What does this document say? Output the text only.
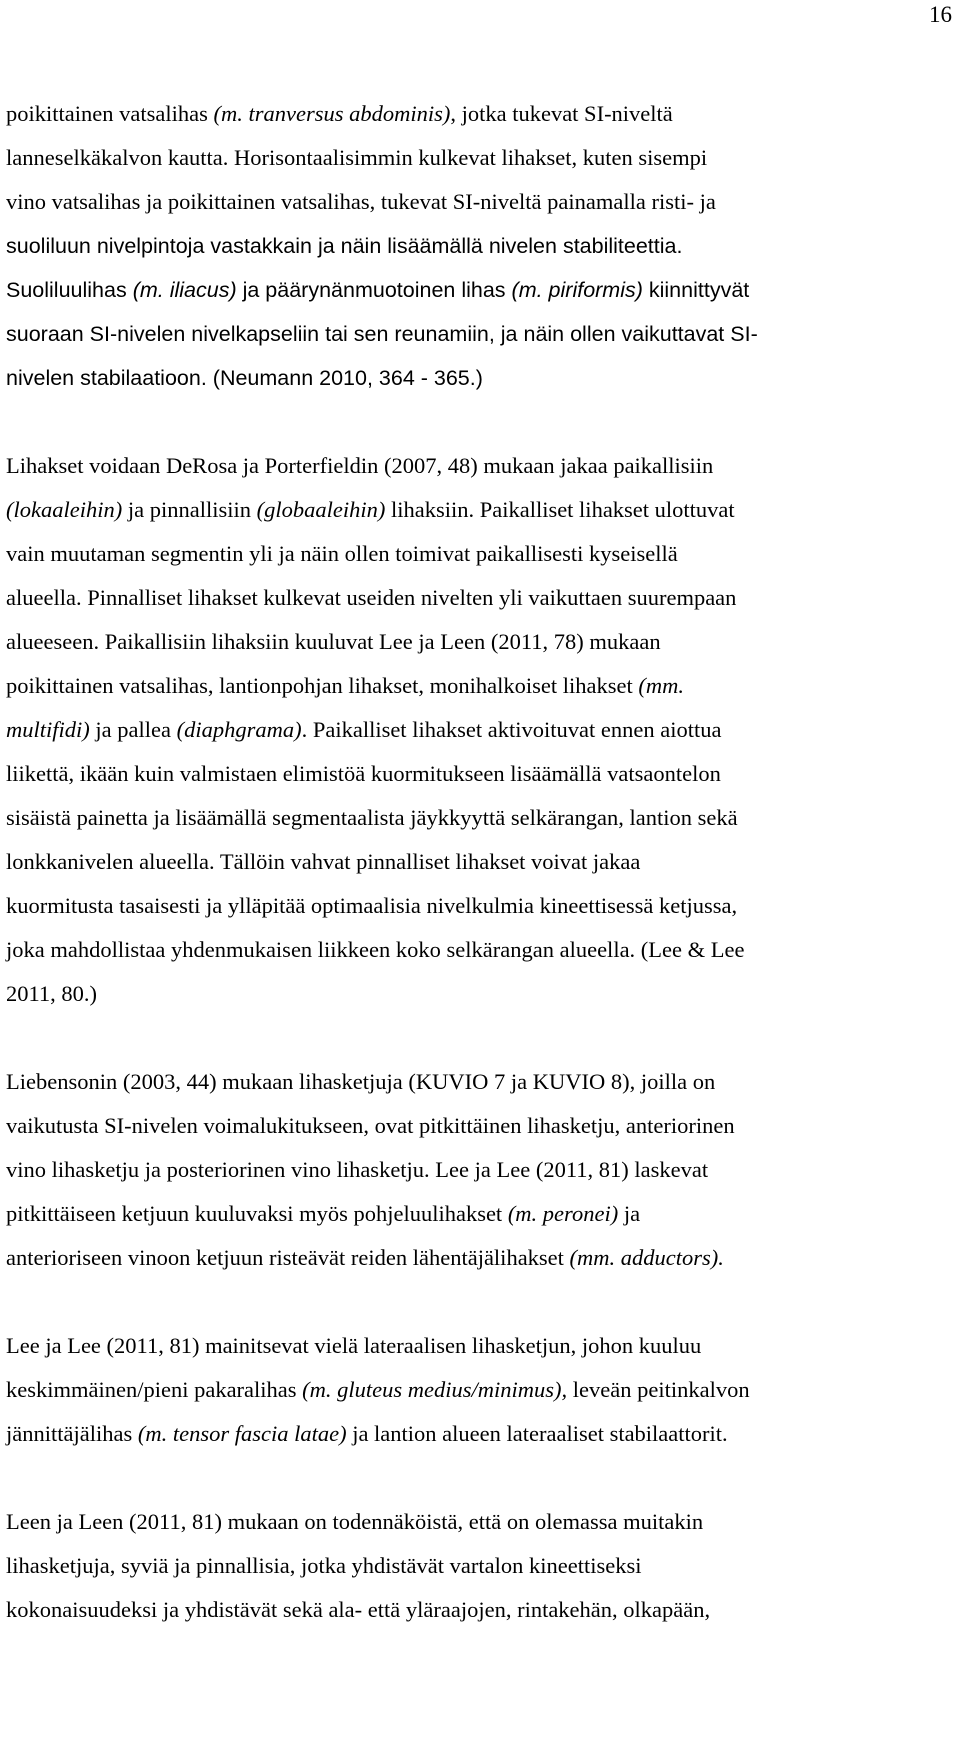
16
poikittainen vatsalihas (m. tranversus abdominis), jotka tukevat SI-niveltä
lanneselkäkalvon kautta. Horisontaalisimmin kulkevat lihakset, kuten sisempi
vino vatsalihas ja poikittainen vatsalihas, tukevat SI-niveltä painamalla risti- ja
suoliluun nivelpintoja vastakkain ja näin lisäämällä nivelen stabiliteettia.
Suoliluulihas (m. iliacus) ja päärynänmuotoinen lihas (m. piriformis) kiinnittyvät
suoraan SI-nivelen nivelkapseliin tai sen reunamiin, ja näin ollen vaikuttavat SI-
nivelen stabilaatioon. (Neumann 2010, 364 - 365.)
Lihakset voidaan DeRosa ja Porterfieldin (2007, 48) mukaan jakaa paikallisiin
(lokaaleihin) ja pinnallisiin (globaaleihin) lihaksiin. Paikalliset lihakset ulottuvat
vain muutaman segmentin yli ja näin ollen toimivat paikallisesti kyseisellä
alueella. Pinnalliset lihakset kulkevat useiden nivelten yli vaikuttaen suurempaan
alueeseen. Paikallisiin lihaksiin kuuluvat Lee ja Leen (2011, 78) mukaan
poikittainen vatsalihas, lantionpohjan lihakset, monihalkoiset lihakset (mm.
multifidi) ja pallea (diaphgrama). Paikalliset lihakset aktivoituvat ennen aiottua
liikettä, ikään kuin valmistaen elimistöä kuormitukseen lisäämällä vatsaontelon
sisäistä painetta ja lisäämällä segmentaalista jäykkyyttä selkärangan, lantion sekä
lonkkanivelen alueella. Tällöin vahvat pinnalliset lihakset voivat jakaa
kuormitusta tasaisesti ja ylläpitää optimaalisia nivelkulmia kineettisessä ketjussa,
joka mahdollistaa yhdenmukaisen liikkeen koko selkärangan alueella. (Lee & Lee
2011, 80.)
Liebensonin (2003, 44) mukaan lihasketjuja (KUVIO 7 ja KUVIO 8), joilla on
vaikutusta SI-nivelen voimalukitukseen, ovat pitkittäinen lihasketju, anteriorinen
vino lihasketju ja posteriorinen vino lihasketju. Lee ja Lee (2011, 81) laskevat
pitkittäiseen ketjuun kuuluvaksi myös pohjeluulihakset (m. peronei) ja
anterioriseen vinoon ketjuun risteävät reiden lähentäjälihakset (mm. adductors).
Lee ja Lee (2011, 81) mainitsevat vielä lateraalisen lihasketjun, johon kuuluu
keskimmäinen/pieni pakaralihas (m. gluteus medius/minimus), leveän peitinkalvon
jännittäjälihas (m. tensor fascia latae) ja lantion alueen lateraaliset stabilaattorit.
Leen ja Leen (2011, 81) mukaan on todennäköistä, että on olemassa muitakin
lihasketjuja, syviä ja pinnallisia, jotka yhdistävät vartalon kineettiseksi
kokonaisuudeksi ja yhdistävät sekä ala- että yläraajojen, rintakehän, olkapään,
